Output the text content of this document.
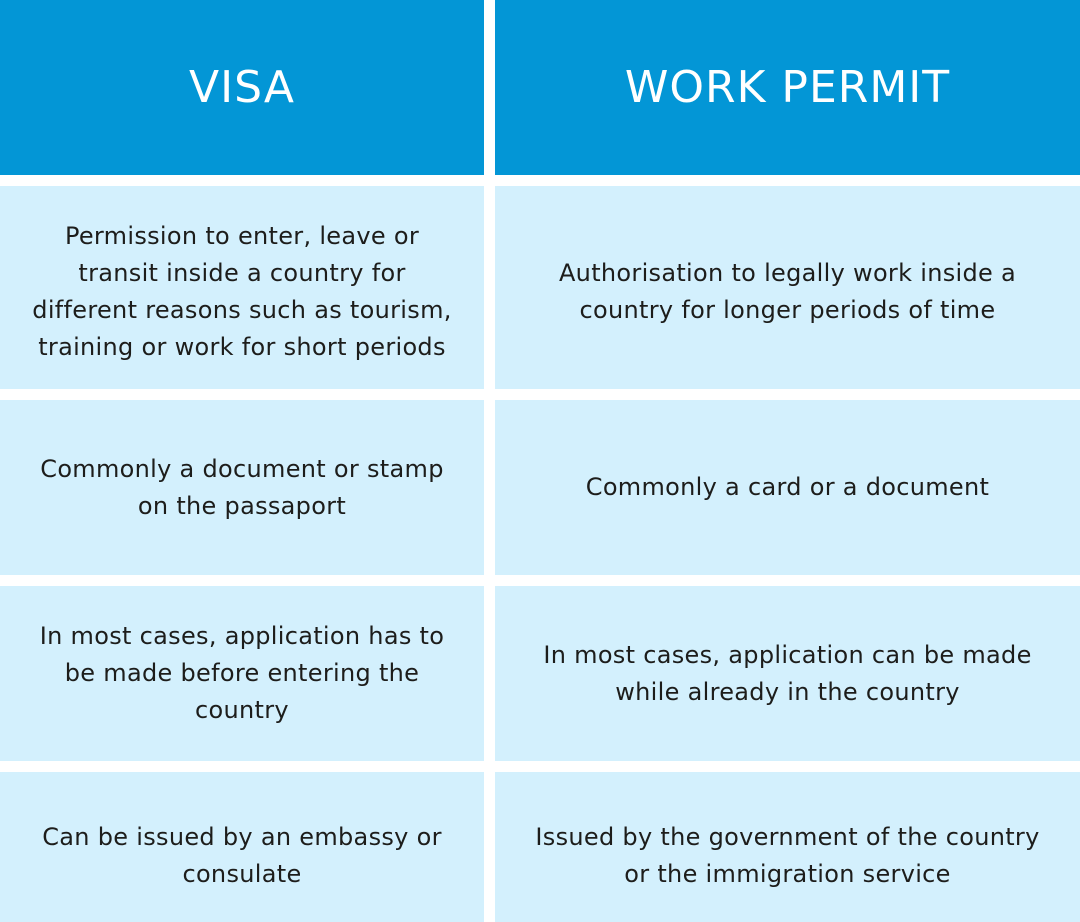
VISA	WORK PERMIT
Permission to enter, leave or
transit inside a country for
different reasons such as tourism,
training or work for short periods
Authorisation to legally work inside a
country for longer periods of time
Commonly a document or stamp
on the passaport
Commonly a card or a document
In most cases, application has to
be made before entering the
country
In most cases, application can be made
while already in the country
Can be issued by an embassy or
consulate
Issued by the government of the country
or the immigration service
